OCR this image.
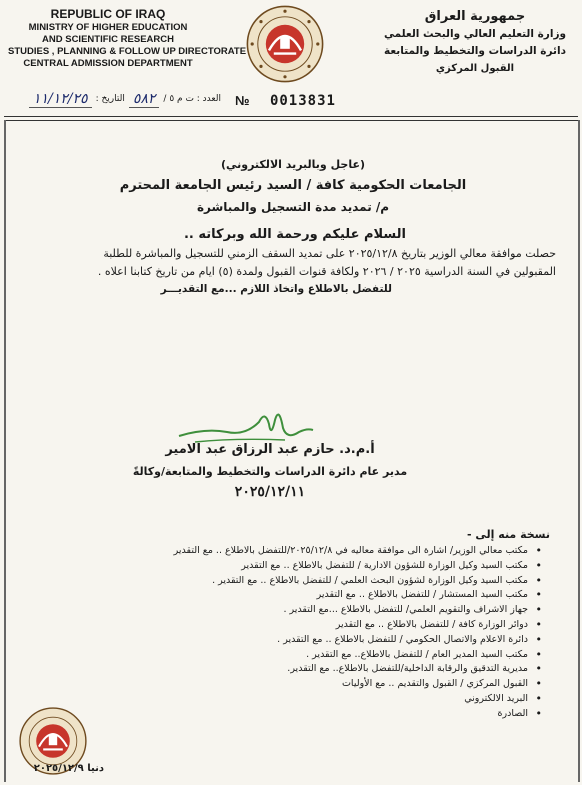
REPUBLIC OF IRAQ
MINISTRY OF HIGHER EDUCATION
AND SCIENTIFIC RESEARCH
STUDIES , PLANNING & FOLLOW UP DIRECTORATE
CENTRAL ADMISSION DEPARTMENT
جمهورية العراق
وزارة التعليم العالي والبحث العلمي
دائرة الدراسات والتخطيط والمتابعة
القبول المركزي
العدد : ت م ٥ /
٥٨٢
التاريخ :
١١/١٢/٢٥	№ 0013831
(عاجل وبالبريد الالكتروني)
الجامعات الحكومية كافة / السيد رئيس الجامعة المحترم
م/ تمديد مدة التسجيل والمباشرة
السلام عليكم ورحمة الله وبركاته ..
حصلت موافقة معالي الوزير بتاريخ ٢٠٢٥/١٢/٨ على تمديد السقف الزمني للتسجيل والمباشرة للطلبة
المقبولين في السنة الدراسية ٢٠٢٥ / ٢٠٢٦ ولكافة قنوات القبول ولمدة (٥) ايام من تاريخ كتابنا اعلاه .
للتفضل بالاطلاع واتخاذ اللازم ...مع التقديـــر
أ.م.د. حازم عبد الرزاق عبد الامير
مدير عام دائرة الدراسات والتخطيط والمتابعة/وكالةً
٢٠٢٥/١٢/١١
نسخة منه إلى -
• مكتب معالي الوزير/ اشارة الى موافقة معاليه في ٢٠٢٥/١٢/٨/للتفضل بالاطلاع .. مع التقدير
• مكتب السيد وكيل الوزارة للشؤون الادارية / للتفضل بالاطلاع .. مع التقدير
• مكتب السيد وكيل الوزارة لشؤون البحث العلمي / للتفضل بالاطلاع .. مع التقدير .
• مكتب السيد المستشار / للتفضل بالاطلاع .. مع التقدير
• جهاز الاشراف والتقويم العلمي/ للتفضل بالاطلاع ...مع التقدير .
• دوائر الوزارة كافة / للتفضل بالاطلاع .. مع التقدير
• دائرة الاعلام والاتصال الحكومي / للتفضل بالاطلاع .. مع التقدير .
• مكتب السيد المدير العام / للتفضل بالاطلاع.. مع التقدير .
• مديرية التدقيق والرقابة الداخلية/للتفضل بالاطلاع.. مع التقدير.
• القبول المركزي / القبول والتقديم .. مع الأوليات
• البريد الالكتروني
• الصادرة
دنيا ٢٠٢٥/١٢/٩
